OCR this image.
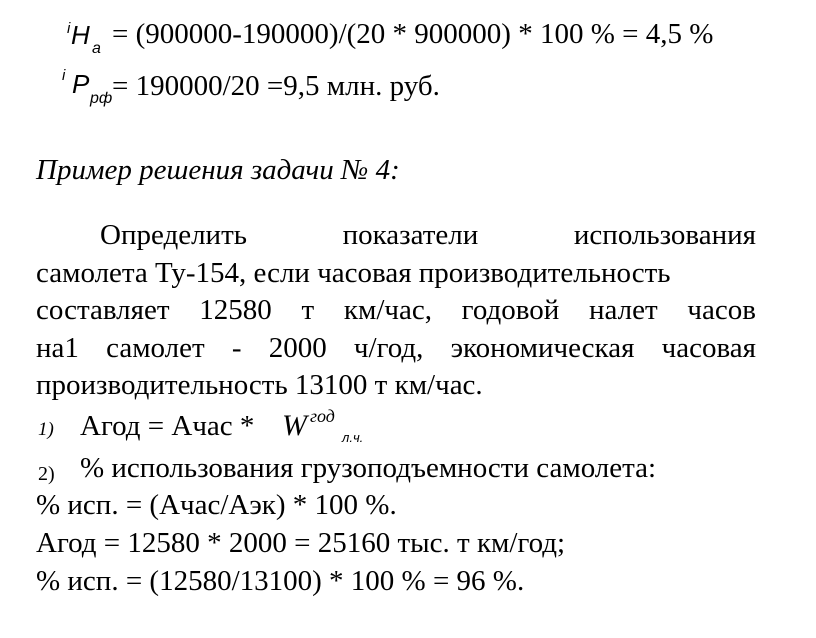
i Н а = (900000-190000)/(20 * 900000) * 100 % = 4,5 %
i Р рф = 190000/20 =9,5 млн. руб.
Пример решения задачи № 4:
Определить	показатели	использования
самолета Ту-154, если часовая производительность
составляет 12580 т км/час, годовой налет часов
на1 самолет - 2000 ч/год, экономическая часовая
производительность 13100 т км/час.
1) Агод = Ачас * W год
л.ч.
2) % использования грузоподъемности самолета:
% исп. = (Ачас/Аэк) * 100 %.
Агод = 12580 * 2000 = 25160 тыс. т км/год;
% исп. = (12580/13100) * 100 % = 96 %.
